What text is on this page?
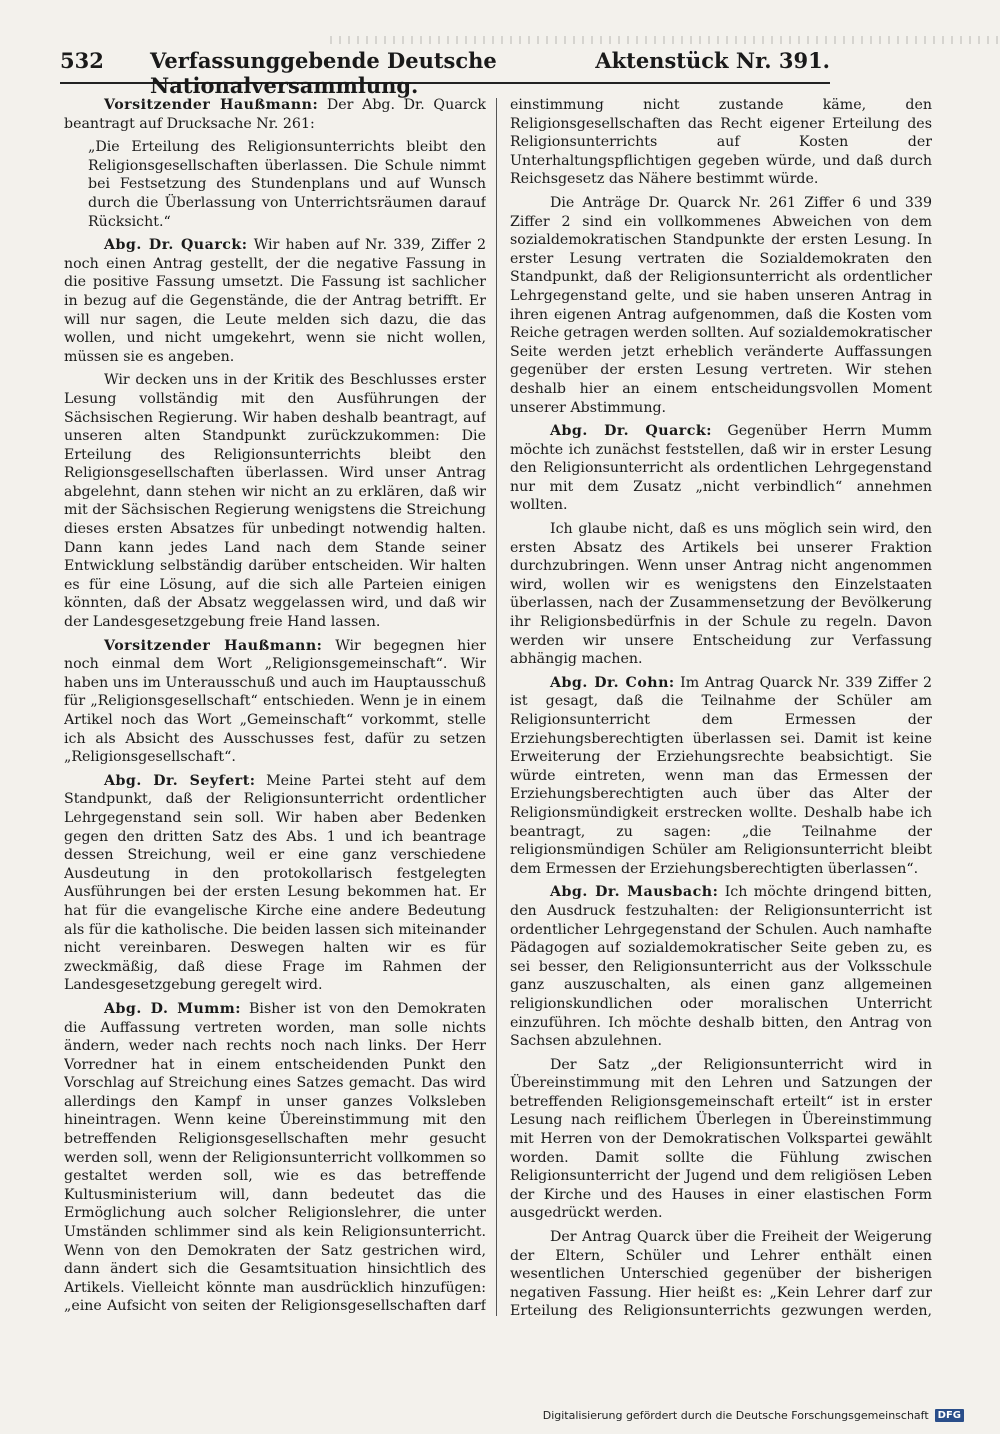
532	Verfassunggebende Deutsche Nationalversammlung.
Aktenstück Nr. 391.

Vorsitzender Haußmann: Der Abg. Dr. Quarck beantragt auf Drucksache Nr. 261:

„Die Erteilung des Religionsunterrichts bleibt den Religionsgesellschaften überlassen. Die Schule nimmt bei Festsetzung des Stundenplans und auf Wunsch durch die Überlassung von Unterrichtsräumen darauf Rücksicht.“

Abg. Dr. Quarck: Wir haben auf Nr. 339, Ziffer 2 noch einen Antrag gestellt, der die negative Fassung in die positive Fassung umsetzt. Die Fassung ist sachlicher in bezug auf die Gegenstände, die der Antrag betrifft. Er will nur sagen, die Leute melden sich dazu, die das wollen, und nicht umgekehrt, wenn sie nicht wollen, müssen sie es angeben.

Wir decken uns in der Kritik des Beschlusses erster Lesung vollständig mit den Ausführungen der Sächsischen Regierung. Wir haben deshalb beantragt, auf unseren alten Standpunkt zurückzukommen: Die Erteilung des Religionsunterrichts bleibt den Religionsgesellschaften überlassen. Wird unser Antrag abgelehnt, dann stehen wir nicht an zu erklären, daß wir mit der Sächsischen Regierung wenigstens die Streichung dieses ersten Absatzes für unbedingt notwendig halten. Dann kann jedes Land nach dem Stande seiner Entwicklung selbständig darüber entscheiden. Wir halten es für eine Lösung, auf die sich alle Parteien einigen könnten, daß der Absatz weggelassen wird, und daß wir der Landesgesetzgebung freie Hand lassen.

Vorsitzender Haußmann: Wir begegnen hier noch einmal dem Wort „Religionsgemeinschaft“. Wir haben uns im Unterausschuß und auch im Hauptausschuß für „Religionsgesellschaft“ entschieden. Wenn je in einem Artikel noch das Wort „Gemeinschaft“ vorkommt, stelle ich als Absicht des Ausschusses fest, dafür zu setzen „Religionsgesellschaft“.

Abg. Dr. Seyfert: Meine Partei steht auf dem Standpunkt, daß der Religionsunterricht ordentlicher Lehrgegenstand sein soll. Wir haben aber Bedenken gegen den dritten Satz des Abs. 1 und ich beantrage dessen Streichung, weil er eine ganz verschiedene Ausdeutung in den protokollarisch festgelegten Ausführungen bei der ersten Lesung bekommen hat. Er hat für die evangelische Kirche eine andere Bedeutung als für die katholische. Die beiden lassen sich miteinander nicht vereinbaren. Deswegen halten wir es für zweckmäßig, daß diese Frage im Rahmen der Landesgesetzgebung geregelt wird.

Abg. D. Mumm: Bisher ist von den Demokraten die Auffassung vertreten worden, man solle nichts ändern, weder nach rechts noch nach links. Der Herr Vorredner hat in einem entscheidenden Punkt den Vorschlag auf Streichung eines Satzes gemacht. Das wird allerdings den Kampf in unser ganzes Volksleben hineintragen. Wenn keine Übereinstimmung mit den betreffenden Religionsgesellschaften mehr gesucht werden soll, wenn der Religionsunterricht vollkommen so gestaltet werden soll, wie es das betreffende Kultusministerium will, dann bedeutet das die Ermöglichung auch solcher Religionslehrer, die unter Umständen schlimmer sind als kein Religionsunterricht. Wenn von den Demokraten der Satz gestrichen wird, dann ändert sich die Gesamtsituation hinsichtlich des Artikels. Vielleicht könnte man ausdrücklich hinzufügen: „eine Aufsicht von seiten der Religionsgesellschaften darf

einstimmung nicht zustande käme, den Religionsgesellschaften das Recht eigener Erteilung des Religionsunterrichts auf Kosten der Unterhaltungspflichtigen gegeben würde, und daß durch Reichsgesetz das Nähere bestimmt würde.

Die Anträge Dr. Quarck Nr. 261 Ziffer 6 und 339 Ziffer 2 sind ein vollkommenes Abweichen von dem sozialdemokratischen Standpunkte der ersten Lesung. In erster Lesung vertraten die Sozialdemokraten den Standpunkt, daß der Religionsunterricht als ordentlicher Lehrgegenstand gelte, und sie haben unseren Antrag in ihren eigenen Antrag aufgenommen, daß die Kosten vom Reiche getragen werden sollten. Auf sozialdemokratischer Seite werden jetzt erheblich veränderte Auffassungen gegenüber der ersten Lesung vertreten. Wir stehen deshalb hier an einem entscheidungsvollen Moment unserer Abstimmung.

Abg. Dr. Quarck: Gegenüber Herrn Mumm möchte ich zunächst feststellen, daß wir in erster Lesung den Religionsunterricht als ordentlichen Lehrgegenstand nur mit dem Zusatz „nicht verbindlich“ annehmen wollten.

Ich glaube nicht, daß es uns möglich sein wird, den ersten Absatz des Artikels bei unserer Fraktion durchzubringen. Wenn unser Antrag nicht angenommen wird, wollen wir es wenigstens den Einzelstaaten überlassen, nach der Zusammensetzung der Bevölkerung ihr Religionsbedürfnis in der Schule zu regeln. Davon werden wir unsere Entscheidung zur Verfassung abhängig machen.

Abg. Dr. Cohn: Im Antrag Quarck Nr. 339 Ziffer 2 ist gesagt, daß die Teilnahme der Schüler am Religionsunterricht dem Ermessen der Erziehungsberechtigten überlassen sei. Damit ist keine Erweiterung der Erziehungsrechte beabsichtigt. Sie würde eintreten, wenn man das Ermessen der Erziehungsberechtigten auch über das Alter der Religionsmündigkeit erstrecken wollte. Deshalb habe ich beantragt, zu sagen: „die Teilnahme der religionsmündigen Schüler am Religionsunterricht bleibt dem Ermessen der Erziehungsberechtigten überlassen“.

Abg. Dr. Mausbach: Ich möchte dringend bitten, den Ausdruck festzuhalten: der Religionsunterricht ist ordentlicher Lehrgegenstand der Schulen. Auch namhafte Pädagogen auf sozialdemokratischer Seite geben zu, es sei besser, den Religionsunterricht aus der Volksschule ganz auszuschalten, als einen ganz allgemeinen religionskundlichen oder moralischen Unterricht einzuführen. Ich möchte deshalb bitten, den Antrag von Sachsen abzulehnen.

Der Satz „der Religionsunterricht wird in Übereinstimmung mit den Lehren und Satzungen der betreffenden Religionsgemeinschaft erteilt“ ist in erster Lesung nach reiflichem Überlegen in Übereinstimmung mit Herren von der Demokratischen Volkspartei gewählt worden. Damit sollte die Fühlung zwischen Religionsunterricht der Jugend und dem religiösen Leben der Kirche und des Hauses in einer elastischen Form ausgedrückt werden.

Der Antrag Quarck über die Freiheit der Weigerung der Eltern, Schüler und Lehrer enthält einen wesentlichen Unterschied gegenüber der bisherigen negativen Fassung. Hier heißt es: „Kein Lehrer darf zur Erteilung des Religionsunterrichts gezwungen werden,

Digitalisierung gefördert durch die Deutsche Forschungsgemeinschaft DFG
